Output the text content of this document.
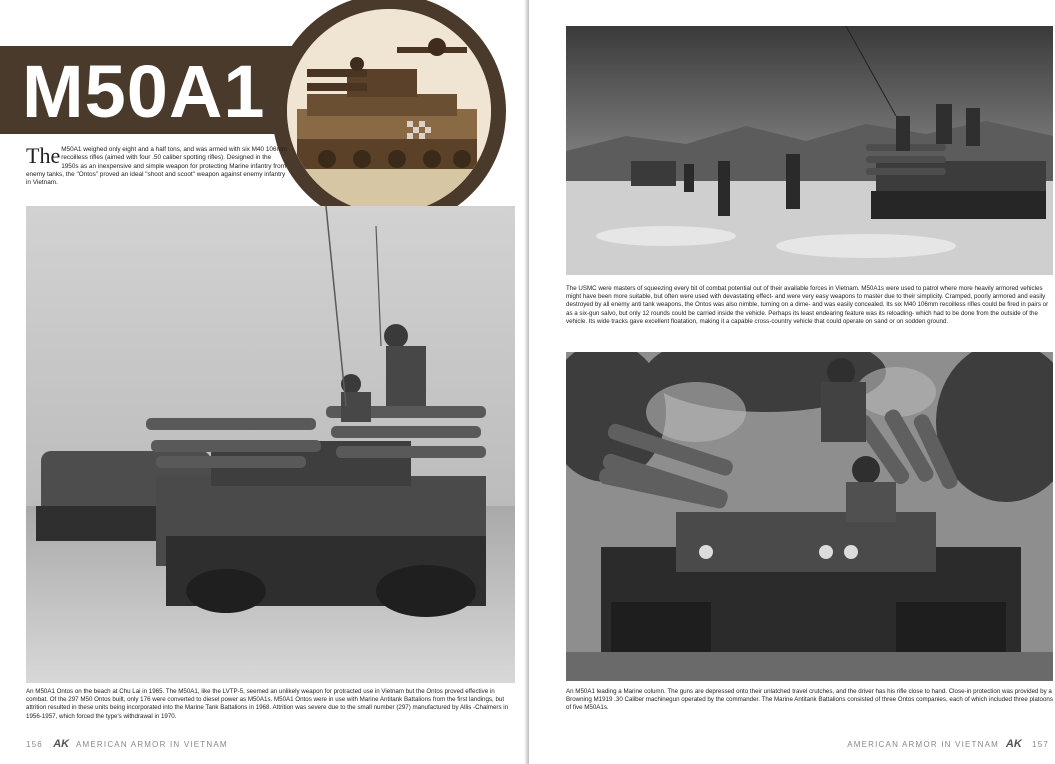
M50A1
The M50A1 weighed only eight and a half tons, and was armed with six M40 106mm recoilless rifles (aimed with four .50 caliber spotting rifles). Designed in the 1950s as an inexpensive and simple weapon for protecting Marine infantry from enemy tanks, the "Ontos" proved an ideal "shoot and scoot" weapon against enemy infantry in Vietnam.
An M50A1 Ontos on the beach at Chu Lai in 1965. The M50A1, like the LVTP-5, seemed an unlikely weapon for protracted use in Vietnam but the Ontos proved effective in combat. Of the 297 M50 Ontos built, only 176 were converted to diesel power as M50A1s. M50A1 Ontos were in use with Marine Antitank Battalions from the first landings, but attrition resulted in these units being incorporated into the Marine Tank Battalions in 1968. Attrition was severe due to the small number (297) manufactured by Allis -Chalmers in 1956-1957, which forced the type's withdrawal in 1970.
156 AK AMERICAN ARMOR IN VIETNAM
The USMC were masters of squeezing every bit of combat potential out of their available forces in Vietnam. M50A1s were used to patrol where more heavily armored vehicles might have been more suitable, but often were used with devastating effect- and were very easy weapons to master due to their simplicity. Cramped, poorly armored and easily destroyed by all enemy anti tank weapons, the Ontos was also nimble, turning on a dime- and was easily concealed. Its six M40 106mm recoilless rifles could be fired in pairs or as a six-gun salvo, but only 12 rounds could be carried inside the vehicle. Perhaps its least endearing feature was its reloading- which had to be done from the outside of the vehicle. Its wide tracks gave excellent floatation, making it a capable cross-country vehicle that could operate on sand or on sodden ground.
An M50A1 leading a Marine column. The guns are depressed onto their unlatched travel crutches, and the driver has his rifle close to hand. Close-in protection was provided by a Browning M1919 .30 Caliber machinegun operated by the commander. The Marine Antitank Battalions consisted of three Ontos companies, each of which included three platoons of five M50A1s.
AMERICAN ARMOR IN VIETNAM AK 157
